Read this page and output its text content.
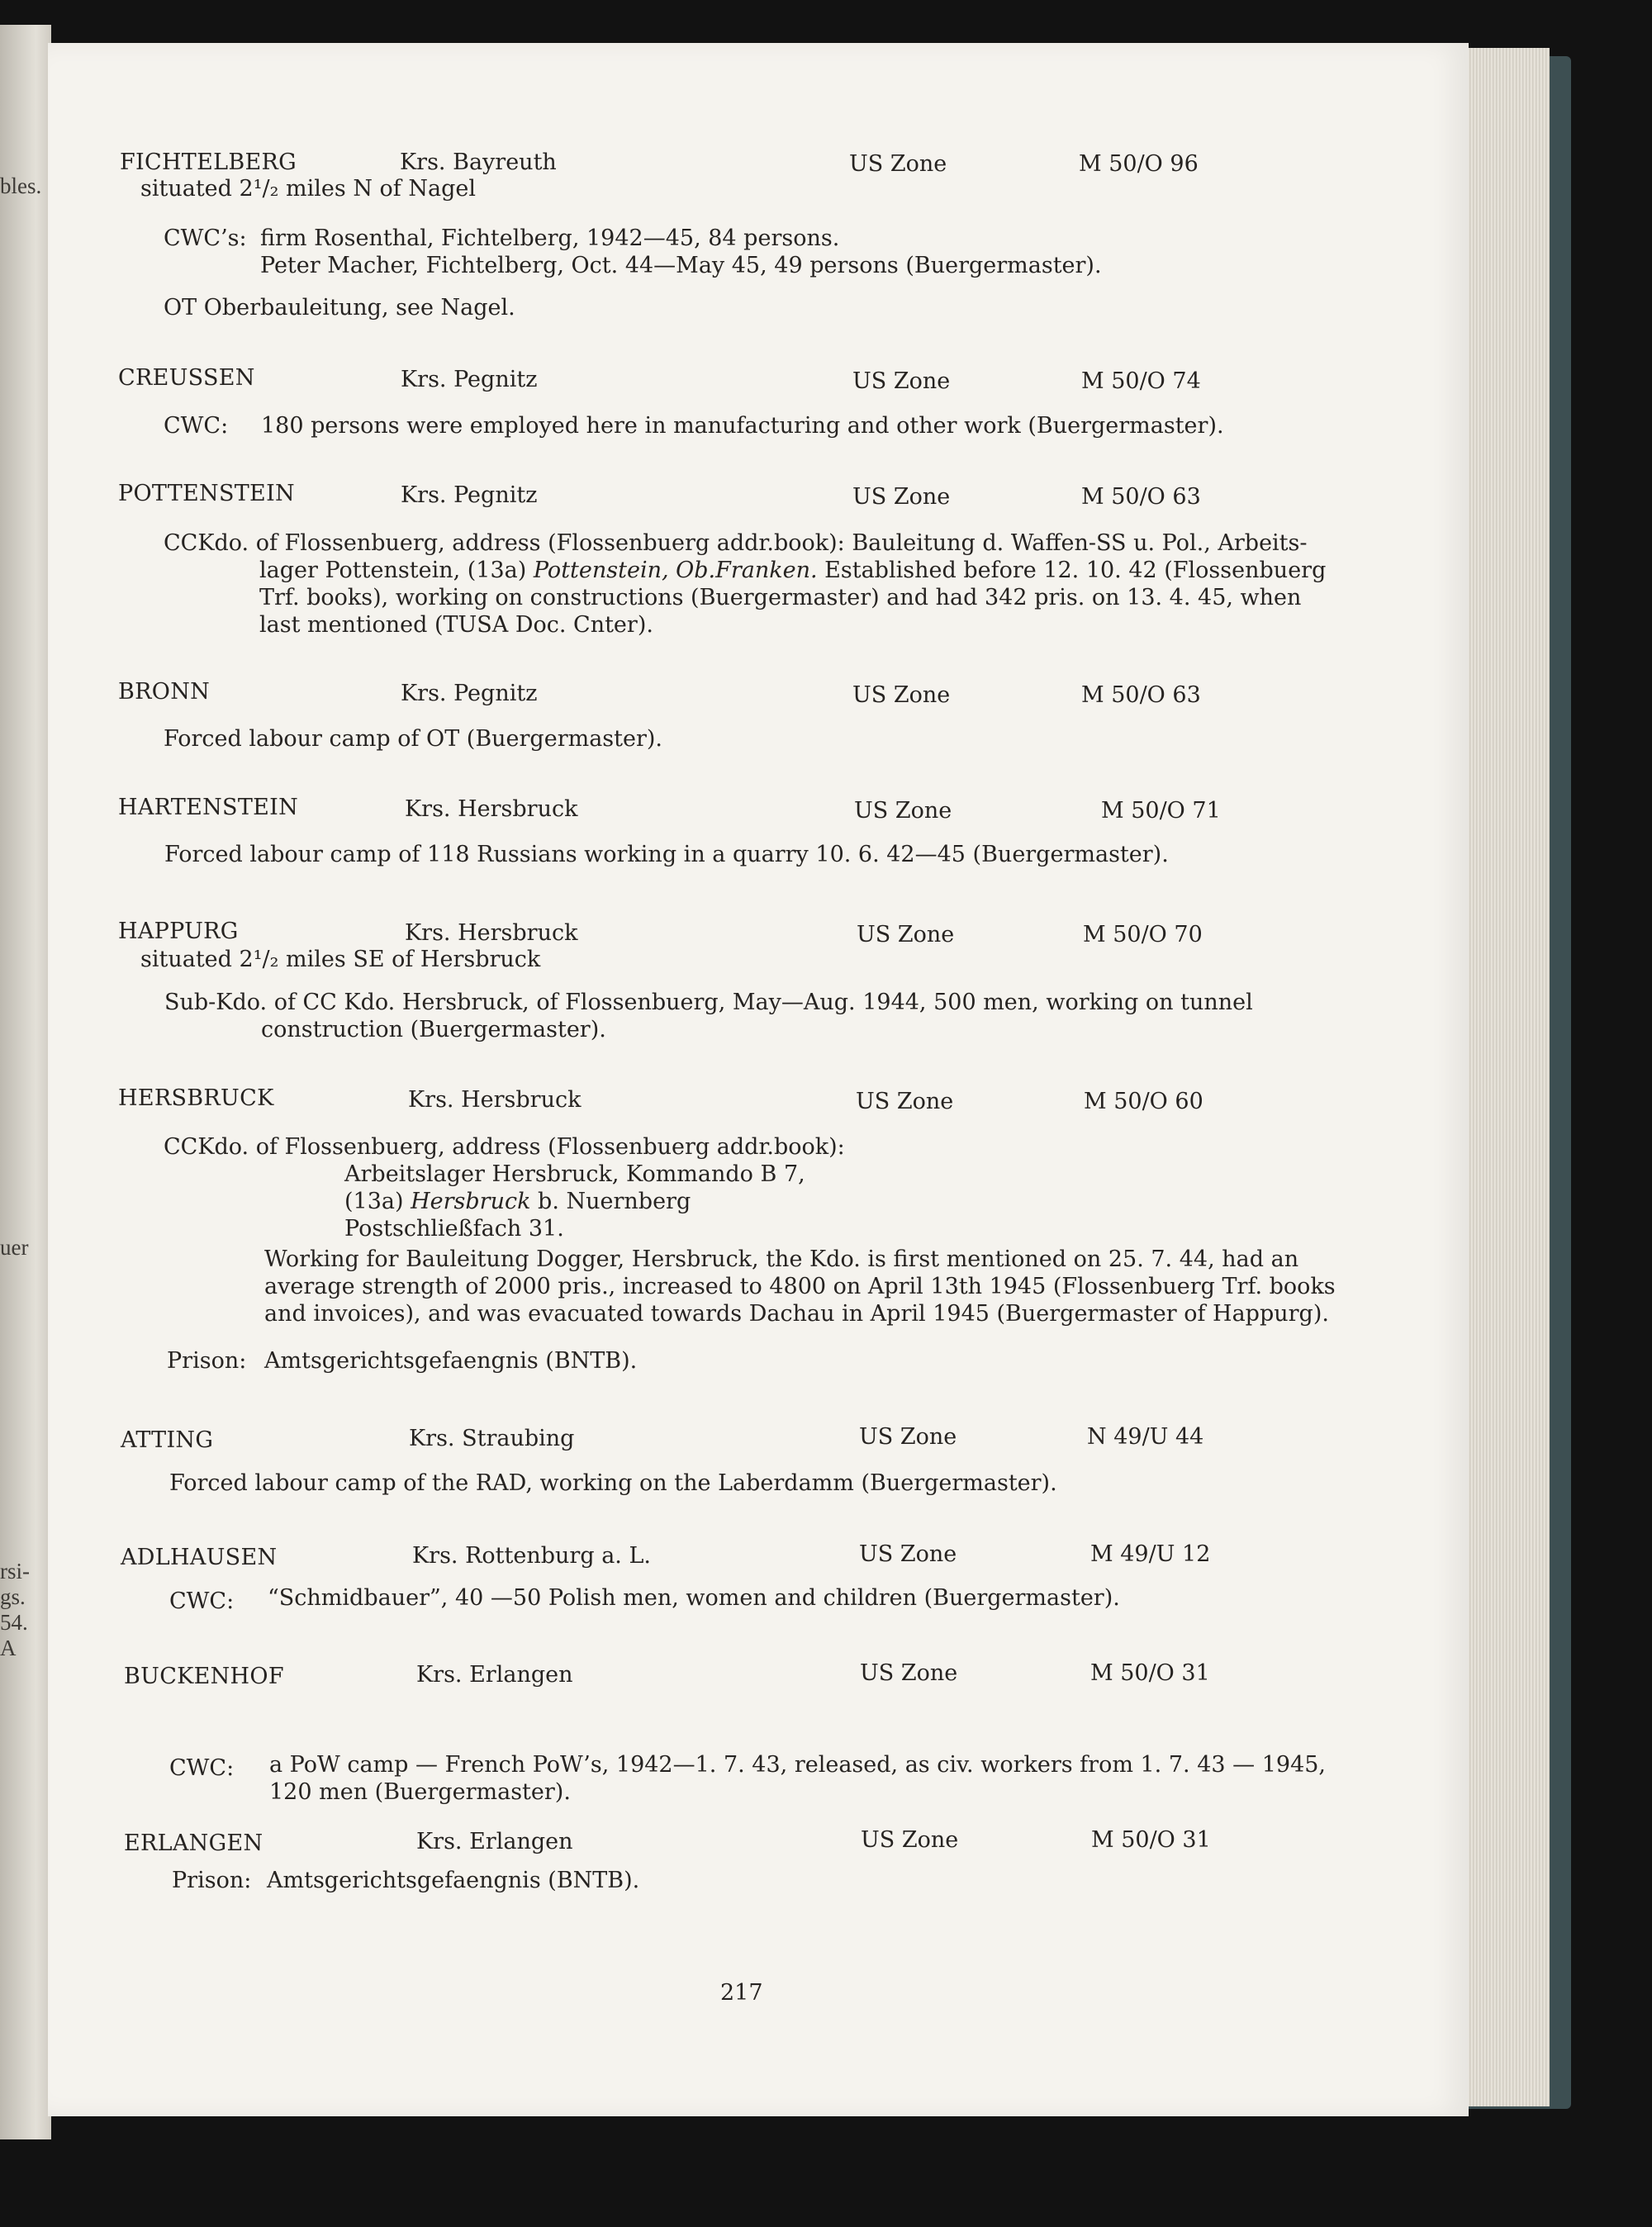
bles.
uer
rsi-
gs.
54.
A
FICHTELBERG	Krs. Bayreuth	US Zone	M 50/O 96
situated 2¹/₂ miles N of Nagel
CWC’s: firm Rosenthal, Fichtelberg, 1942—45, 84 persons.
Peter Macher, Fichtelberg, Oct. 44—May 45, 49 persons (Buergermaster).
OT Oberbauleitung, see Nagel.
CREUSSEN	Krs. Pegnitz	US Zone	M 50/O 74
CWC: 180 persons were employed here in manufacturing and other work (Buergermaster).
POTTENSTEIN	Krs. Pegnitz	US Zone	M 50/O 63
CCKdo. of Flossenbuerg, address (Flossenbuerg addr.book): Bauleitung d. Waffen-SS u. Pol., Arbeits-
lager Pottenstein, (13a) Pottenstein, Ob.Franken. Established before 12. 10. 42 (Flossenbuerg
Trf. books), working on constructions (Buergermaster) and had 342 pris. on 13. 4. 45, when
last mentioned (TUSA Doc. Cnter).
BRONN	Krs. Pegnitz	US Zone	M 50/O 63
Forced labour camp of OT (Buergermaster).
HARTENSTEIN	Krs. Hersbruck	US Zone	M 50/O 71
Forced labour camp of 118 Russians working in a quarry 10. 6. 42—45 (Buergermaster).
HAPPURG	Krs. Hersbruck	US Zone	M 50/O 70
situated 2¹/₂ miles SE of Hersbruck
Sub-Kdo. of CC Kdo. Hersbruck, of Flossenbuerg, May—Aug. 1944, 500 men, working on tunnel
construction (Buergermaster).
HERSBRUCK	Krs. Hersbruck	US Zone	M 50/O 60
CCKdo. of Flossenbuerg, address (Flossenbuerg addr.book):
Arbeitslager Hersbruck, Kommando B 7,
(13a) Hersbruck b. Nuernberg
Postschließfach 31.
Working for Bauleitung Dogger, Hersbruck, the Kdo. is first mentioned on 25. 7. 44, had an
average strength of 2000 pris., increased to 4800 on April 13th 1945 (Flossenbuerg Trf. books
and invoices), and was evacuated towards Dachau in April 1945 (Buergermaster of Happurg).
Prison: Amtsgerichtsgefaengnis (BNTB).
ATTING	Krs. Straubing	US Zone	N 49/U 44
Forced labour camp of the RAD, working on the Laberdamm (Buergermaster).
ADLHAUSEN	Krs. Rottenburg a. L.	US Zone	M 49/U 12
CWC: “Schmidbauer”, 40 —50 Polish men, women and children (Buergermaster).
BUCKENHOF	Krs. Erlangen	US Zone	M 50/O 31
CWC: a PoW camp — French PoW’s, 1942—1. 7. 43, released, as civ. workers from 1. 7. 43 — 1945,
120 men (Buergermaster).
ERLANGEN	Krs. Erlangen	US Zone	M 50/O 31
Prison: Amtsgerichtsgefaengnis (BNTB).
217
